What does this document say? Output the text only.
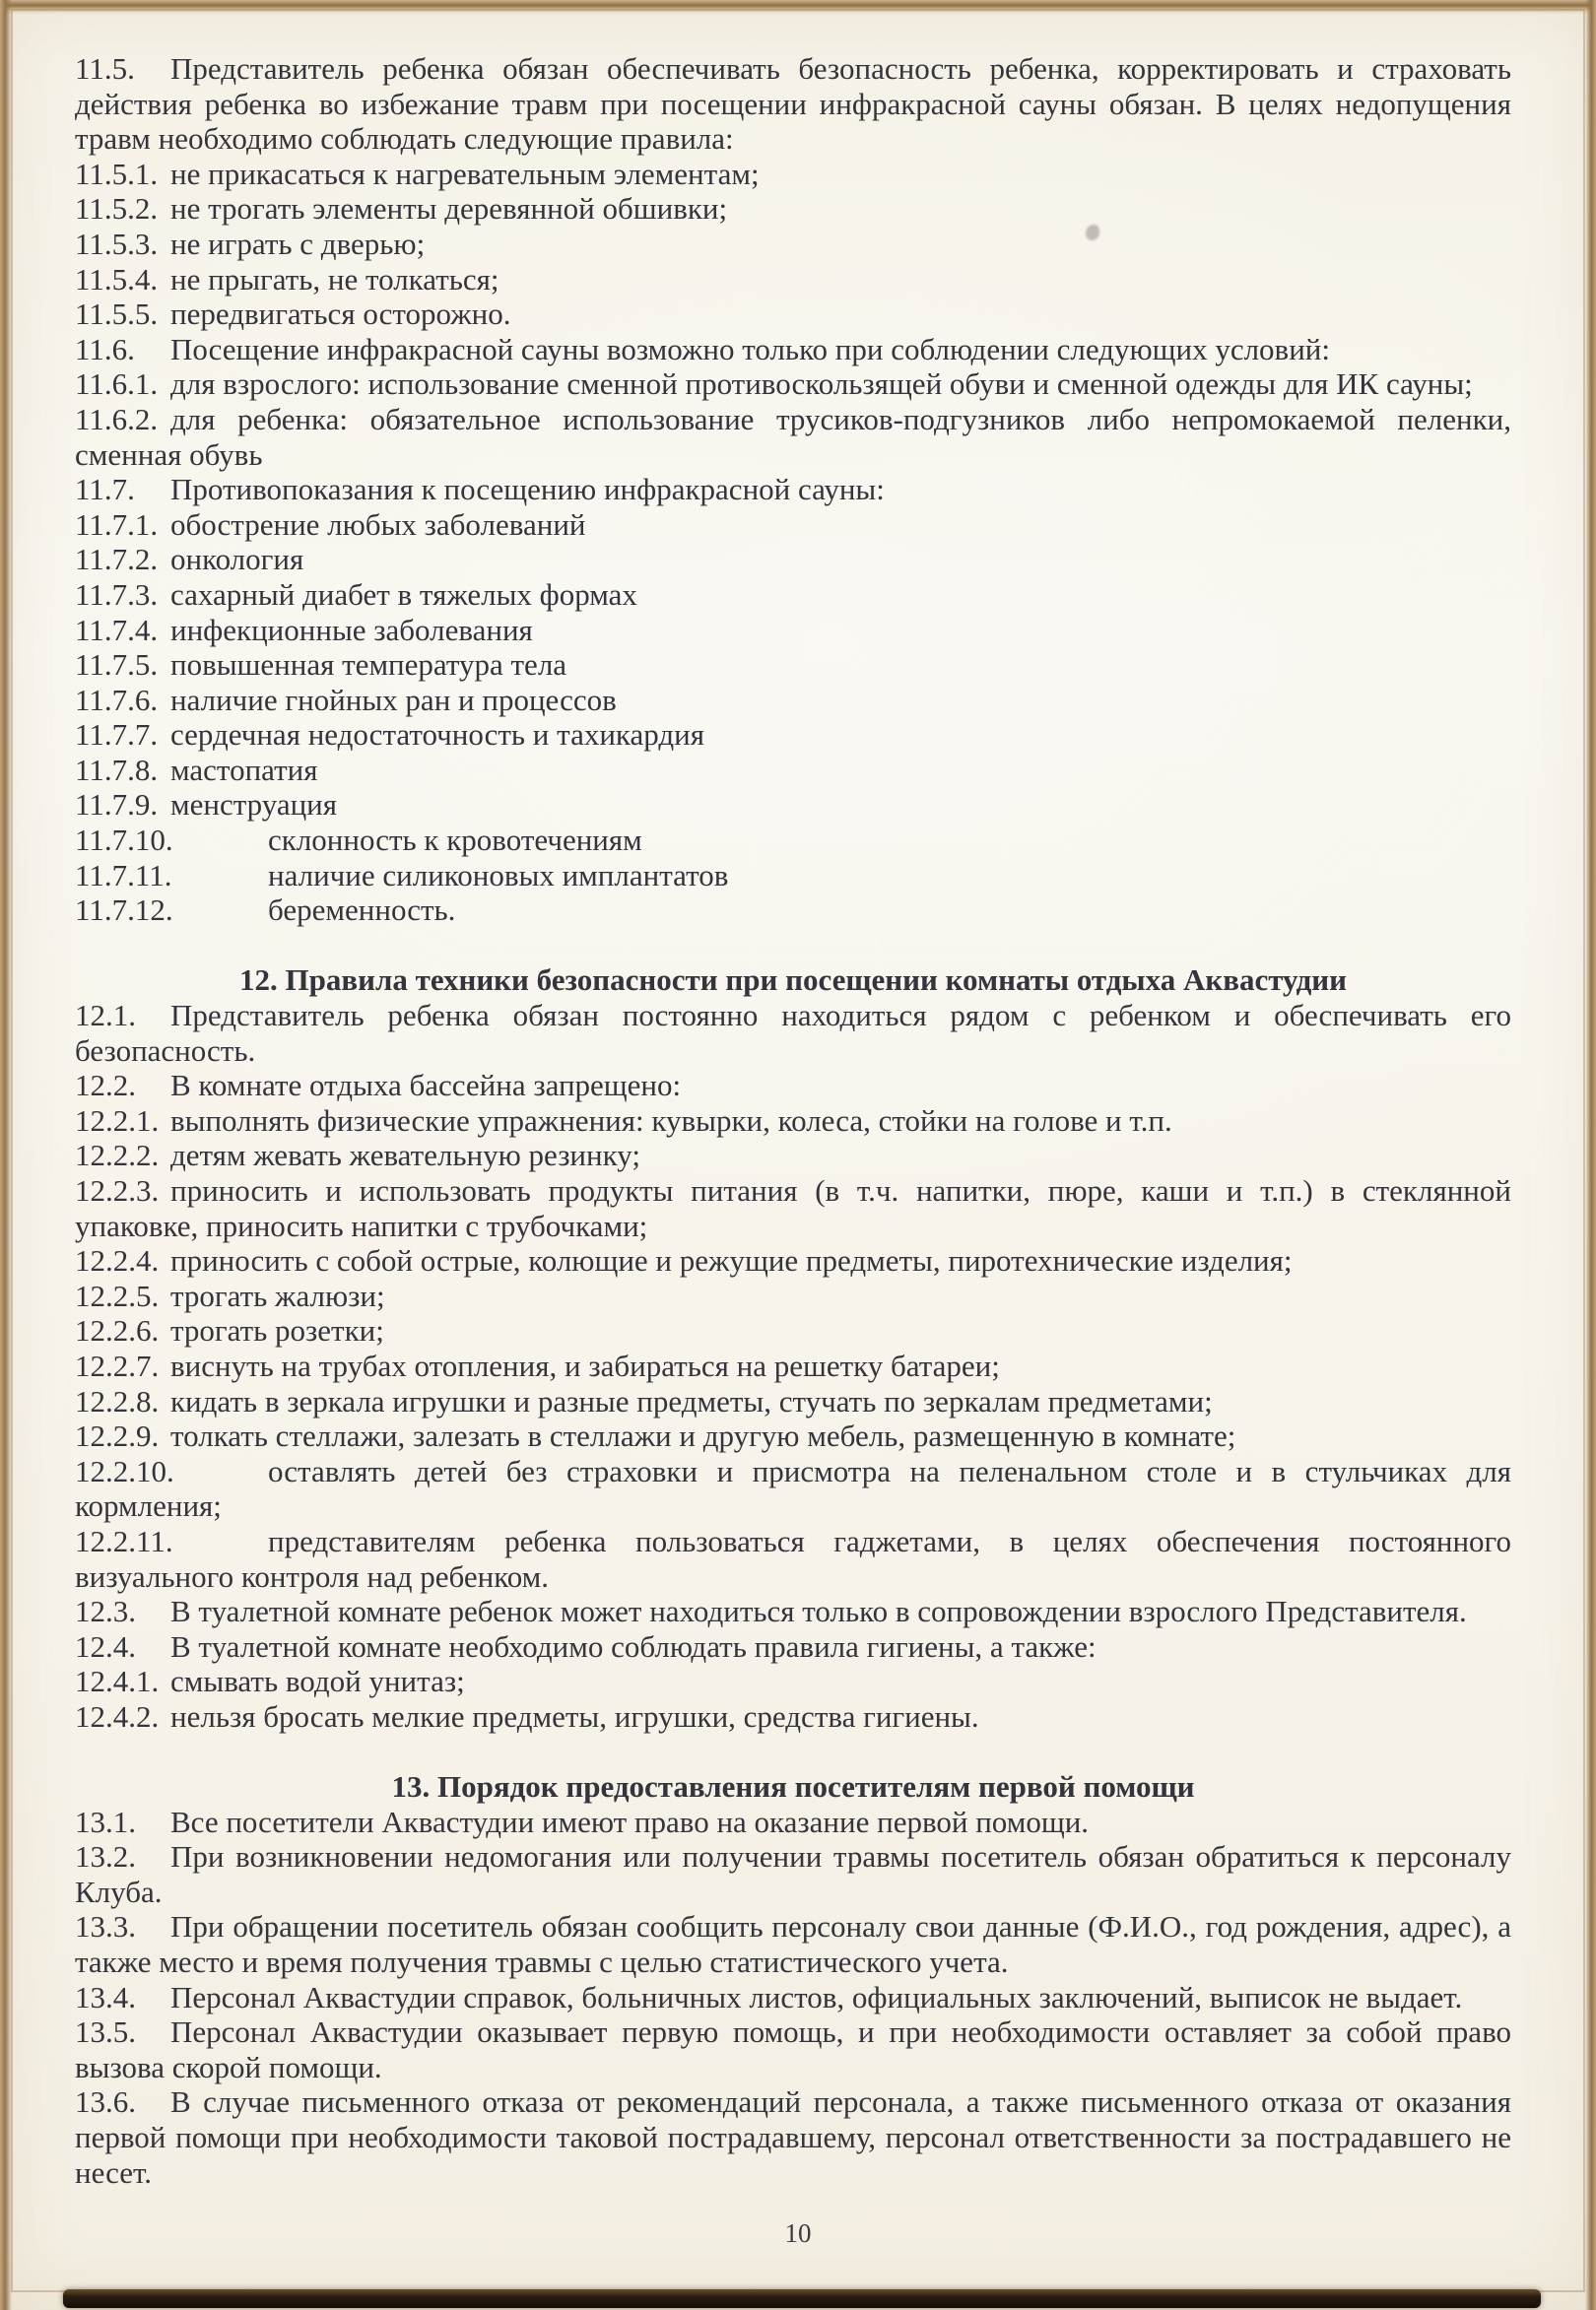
11.5. Представитель ребенка обязан обеспечивать безопасность ребенка, корректировать и страховать действия ребенка во избежание травм при посещении инфракрасной сауны обязан. В целях недопущения травм необходимо соблюдать следующие правила:

11.5.1. не прикасаться к нагревательным элементам;

11.5.2. не трогать элементы деревянной обшивки;

11.5.3. не играть с дверью;

11.5.4. не прыгать, не толкаться;

11.5.5. передвигаться осторожно.

11.6. Посещение инфракрасной сауны возможно только при соблюдении следующих условий:

11.6.1. для взрослого: использование сменной противоскользящей обуви и сменной одежды для ИК сауны;

11.6.2. для ребенка: обязательное использование трусиков-подгузников либо непромокаемой пеленки, сменная обувь

11.7. Противопоказания к посещению инфракрасной сауны:

11.7.1. обострение любых заболеваний

11.7.2. онкология

11.7.3. сахарный диабет в тяжелых формах

11.7.4. инфекционные заболевания

11.7.5. повышенная температура тела

11.7.6. наличие гнойных ран и процессов

11.7.7. сердечная недостаточность и тахикардия

11.7.8. мастопатия

11.7.9. менструация

11.7.10.	склонность к кровотечениям

11.7.11.	наличие силиконовых имплантатов

11.7.12.	беременность.

12. Правила техники безопасности при посещении комнаты отдыха Аквастудии

12.1. Представитель ребенка обязан постоянно находиться рядом с ребенком и обеспечивать его безопасность.

12.2. В комнате отдыха бассейна запрещено:

12.2.1. выполнять физические упражнения: кувырки, колеса, стойки на голове и т.п.

12.2.2. детям жевать жевательную резинку;

12.2.3. приносить и использовать продукты питания (в т.ч. напитки, пюре, каши и т.п.) в стеклянной упаковке, приносить напитки с трубочками;

12.2.4. приносить с собой острые, колющие и режущие предметы, пиротехнические изделия;

12.2.5. трогать жалюзи;

12.2.6. трогать розетки;

12.2.7. виснуть на трубах отопления, и забираться на решетку батареи;

12.2.8. кидать в зеркала игрушки и разные предметы, стучать по зеркалам предметами;

12.2.9. толкать стеллажи, залезать в стеллажи и другую мебель, размещенную в комнате;

12.2.10.	оставлять детей без страховки и присмотра на пеленальном столе и в стульчиках для кормления;

12.2.11.	представителям ребенка пользоваться гаджетами, в целях обеспечения постоянного визуального контроля над ребенком.

12.3. В туалетной комнате ребенок может находиться только в сопровождении взрослого Представителя.

12.4. В туалетной комнате необходимо соблюдать правила гигиены, а также:

12.4.1. смывать водой унитаз;

12.4.2. нельзя бросать мелкие предметы, игрушки, средства гигиены.

13. Порядок предоставления посетителям первой помощи

13.1. Все посетители Аквастудии имеют право на оказание первой помощи.

13.2. При возникновении недомогания или получении травмы посетитель обязан обратиться к персоналу Клуба.

13.3. При обращении посетитель обязан сообщить персоналу свои данные (Ф.И.О., год рождения, адрес), а также место и время получения травмы с целью статистического учета.

13.4. Персонал Аквастудии справок, больничных листов, официальных заключений, выписок не выдает.

13.5. Персонал Аквастудии оказывает первую помощь, и при необходимости оставляет за собой право вызова скорой помощи.

13.6. В случае письменного отказа от рекомендаций персонала, а также письменного отказа от оказания первой помощи при необходимости таковой пострадавшему, персонал ответственности за пострадавшего не несет.

10
